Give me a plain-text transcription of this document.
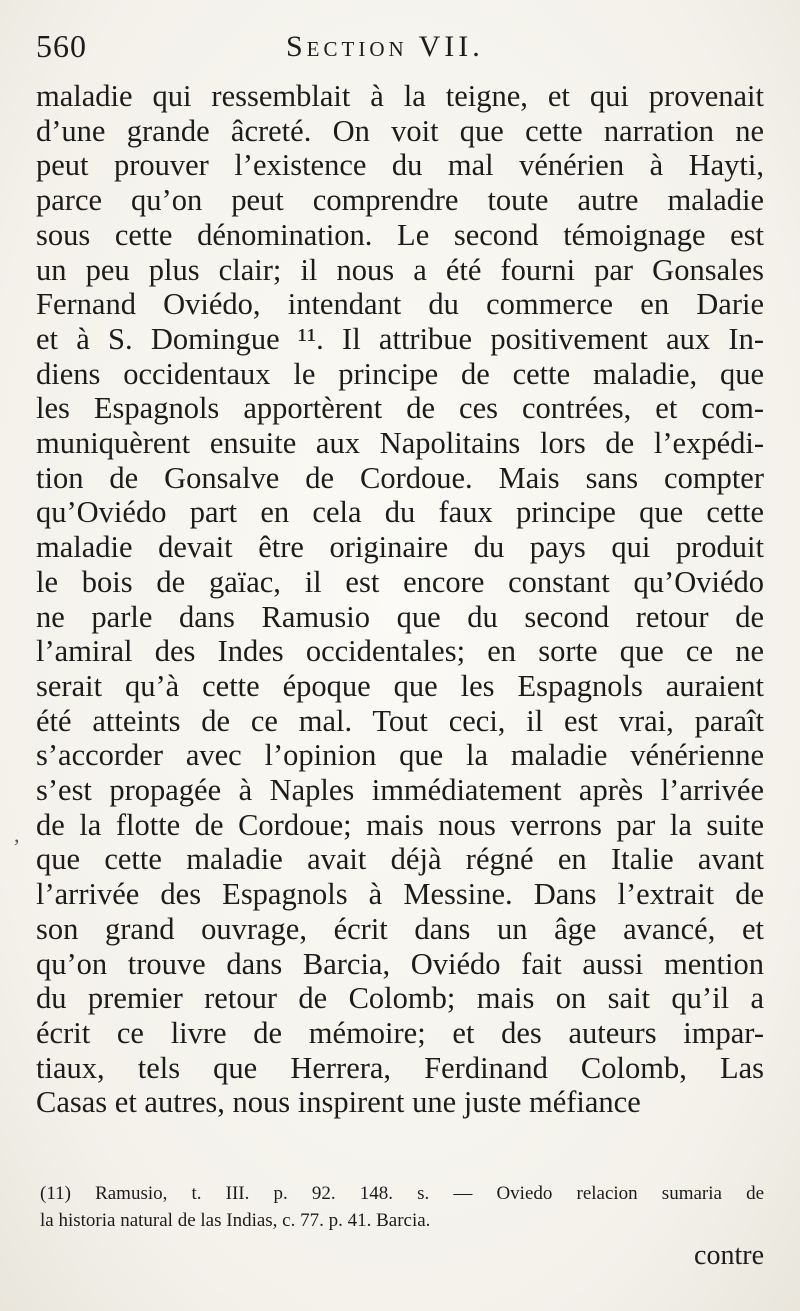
560	Section VII.
maladie qui ressemblait à la teigne, et qui provenait
d’une grande âcreté. On voit que cette narration ne
peut prouver l’existence du mal vénérien à Hayti,
parce qu’on peut comprendre toute autre maladie
sous cette dénomination. Le second témoignage est
un peu plus clair; il nous a été fourni par Gonsales
Fernand Oviédo, intendant du commerce en Darie
et à S. Domingue ¹¹. Il attribue positivement aux In-
diens occidentaux le principe de cette maladie, que
les Espagnols apportèrent de ces contrées, et com-
muniquèrent ensuite aux Napolitains lors de l’expédi-
tion de Gonsalve de Cordoue. Mais sans compter
qu’Oviédo part en cela du faux principe que cette
maladie devait être originaire du pays qui produit
le bois de gaïac, il est encore constant qu’Oviédo
ne parle dans Ramusio que du second retour de
l’amiral des Indes occidentales; en sorte que ce ne
serait qu’à cette époque que les Espagnols auraient
été atteints de ce mal. Tout ceci, il est vrai, paraît
s’accorder avec l’opinion que la maladie vénérienne
s’est propagée à Naples immédiatement après l’arrivée
de la flotte de Cordoue; mais nous verrons par la suite
que cette maladie avait déjà régné en Italie avant
l’arrivée des Espagnols à Messine. Dans l’extrait de
son grand ouvrage, écrit dans un âge avancé, et
qu’on trouve dans Barcia, Oviédo fait aussi mention
du premier retour de Colomb; mais on sait qu’il a
écrit ce livre de mémoire; et des auteurs impar-
tiaux, tels que Herrera, Ferdinand Colomb, Las
Casas et autres, nous inspirent une juste méfiance
,
(11) Ramusio, t. III. p. 92. 148. s. — Oviedo relacion sumaria de
la historia natural de las Indias, c. 77. p. 41. Barcia.
contre
